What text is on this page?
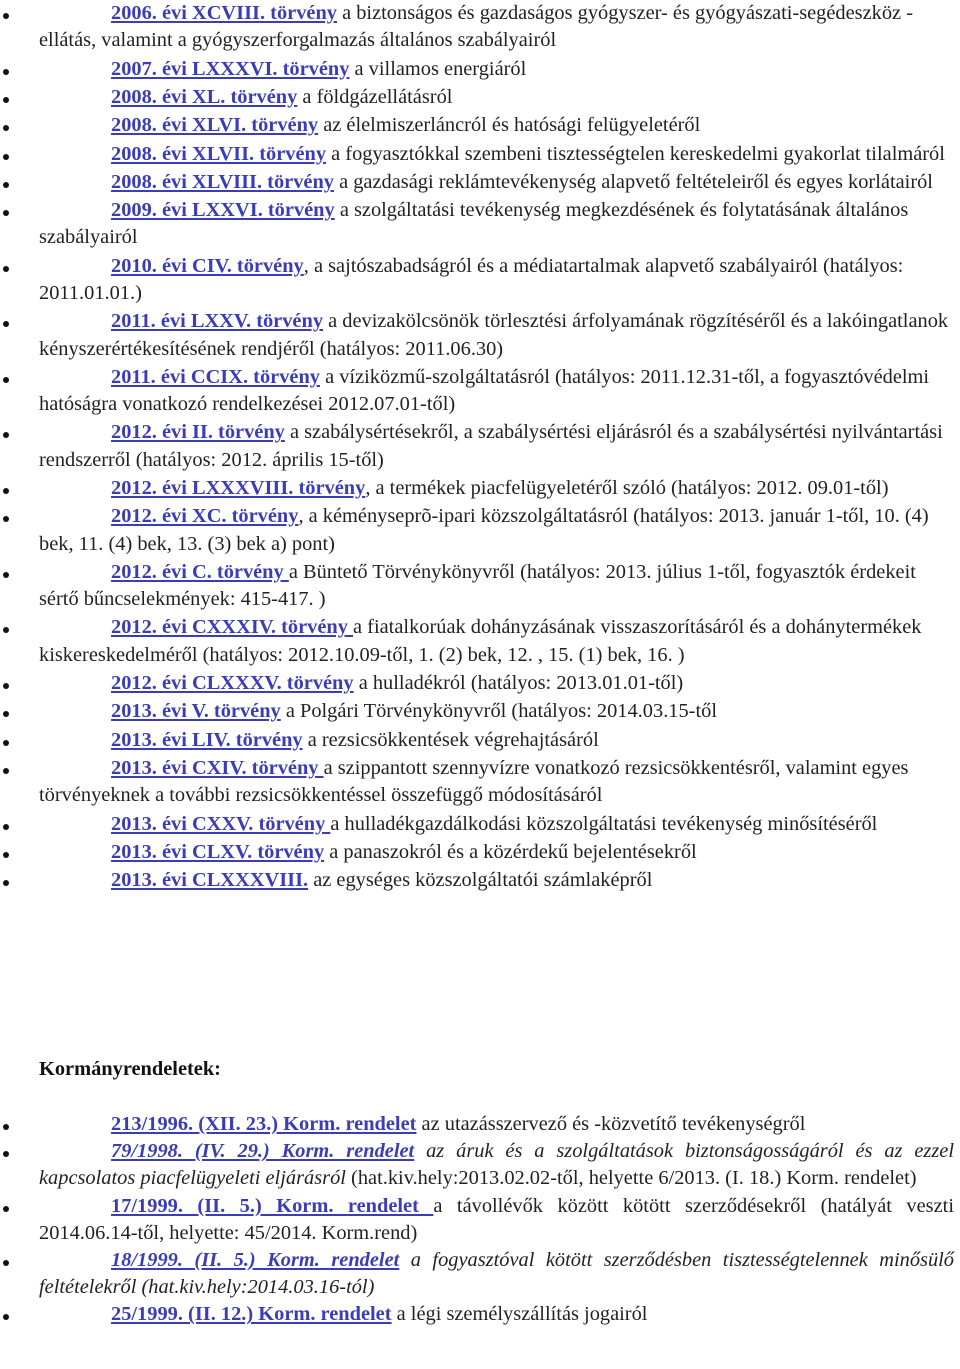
2006. évi XCVIII. törvény a biztonságos és gazdaságos gyógyszer- és gyógyászati-segédeszköz -ellátás, valamint a gyógyszerforgalmazás általános szabályairól
2007. évi LXXXVI. törvény a villamos energiáról
2008. évi XL. törvény a földgázellátásról
2008. évi XLVI. törvény az élelmiszerláncról és hatósági felügyeletéről
2008. évi XLVII. törvény a fogyasztókkal szembeni tisztességtelen kereskedelmi gyakorlat tilalmáról
2008. évi XLVIII. törvény a gazdasági reklámtevékenység alapvető feltételeiről és egyes korlátairól
2009. évi LXXVI. törvény a szolgáltatási tevékenység megkezdésének és folytatásának általános szabályairól
2010. évi CIV. törvény, a sajtószabadságról és a médiatartalmak alapvető szabályairól (hatályos: 2011.01.01.)
2011. évi LXXV. törvény a devizakölcsönök törlesztési árfolyamának rögzítéséről és a lakóingatlanok kényszerértékesítésének rendjéről (hatályos: 2011.06.30)
2011. évi CCIX. törvény a víziközmű-szolgáltatásról (hatályos: 2011.12.31-től, a fogyasztóvédelmi hatóságra vonatkozó rendelkezései 2012.07.01-től)
2012. évi II. törvény a szabálysértésekről, a szabálysértési eljárásról és a szabálysértési nyilvántartási rendszerről (hatályos: 2012. április 15-től)
2012. évi LXXXVIII. törvény, a termékek piacfelügyeletéről szóló (hatályos: 2012. 09.01-től)
2012. évi XC. törvény, a kéményseprõ-ipari közszolgáltatásról (hatályos: 2013. január 1-től, 10. (4) bek, 11. (4) bek, 13. (3) bek a) pont)
2012. évi C. törvény a Büntető Törvénykönyvről (hatályos: 2013. július 1-től, fogyasztók érdekeit sértő bűncselekmények: 415-417. )
2012. évi CXXXIV. törvény a fiatalkorúak dohányzásának visszaszorításáról és a dohánytermékek kiskereskedelméről (hatályos: 2012.10.09-től, 1. (2) bek, 12. , 15. (1) bek, 16. )
2012. évi CLXXXV. törvény a hulladékról (hatályos: 2013.01.01-től)
2013. évi V. törvény a Polgári Törvénykönyvről (hatályos: 2014.03.15-től
2013. évi LIV. törvény a rezsicsökkentések végrehajtásáról
2013. évi CXIV. törvény a szippantott szennyvízre vonatkozó rezsicsökkentésről, valamint egyes törvényeknek a további rezsicsökkentéssel összefüggő módosításáról
2013. évi CXXV. törvény a hulladékgazdálkodási közszolgáltatási tevékenység minősítéséről
2013. évi CLXV. törvény a panaszokról és a közérdekű bejelentésekről
2013. évi CLXXXVIII. az egységes közszolgáltatói számlaképről

Kormányrendeletek:

213/1996. (XII. 23.) Korm. rendelet az utazásszervező és -közvetítő tevékenységről
79/1998. (IV. 29.) Korm. rendelet az áruk és a szolgáltatások biztonságosságáról és az ezzel kapcsolatos piacfelügyeleti eljárásról (hat.kiv.hely:2013.02.02-től, helyette 6/2013. (I. 18.) Korm. rendelet)
17/1999. (II. 5.) Korm. rendelet a távollévők között kötött szerződésekről (hatályát veszti 2014.06.14-től, helyette: 45/2014. Korm.rend)
18/1999. (II. 5.) Korm. rendelet a fogyasztóval kötött szerződésben tisztességtelennek minősülő feltételekről (hat.kiv.hely:2014.03.16-tól)
25/1999. (II. 12.) Korm. rendelet a légi személyszállítás jogairól
